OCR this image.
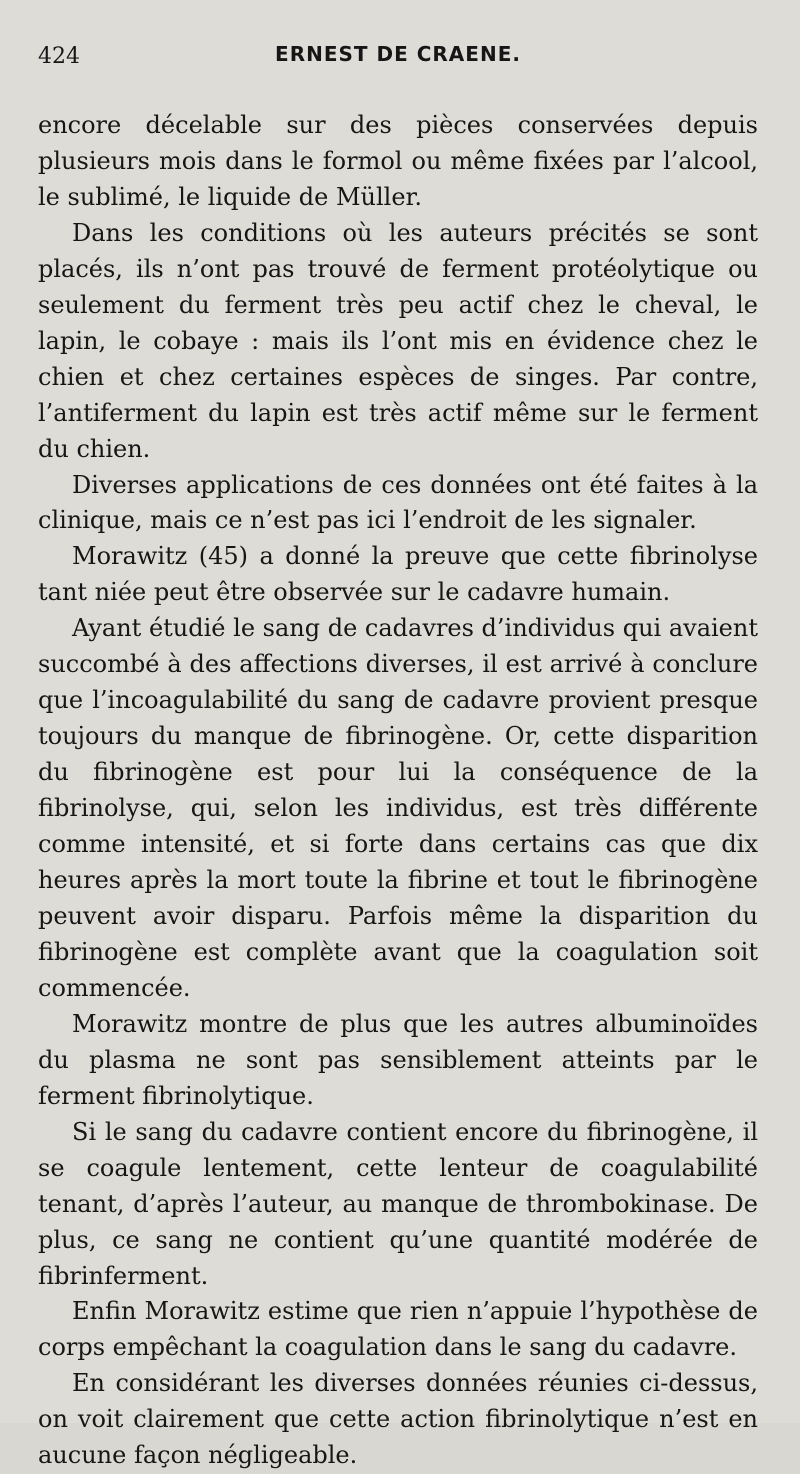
424	ERNEST DE CRAENE.

encore décelable sur des pièces conservées depuis plusieurs mois dans le formol ou même fixées par l’alcool, le sublimé, le liquide de Müller.

Dans les conditions où les auteurs précités se sont placés, ils n’ont pas trouvé de ferment protéolytique ou seulement du ferment très peu actif chez le cheval, le lapin, le cobaye : mais ils l’ont mis en évidence chez le chien et chez certaines espèces de singes. Par contre, l’antiferment du lapin est très actif même sur le ferment du chien.

Diverses applications de ces données ont été faites à la clinique, mais ce n’est pas ici l’endroit de les signaler.

Morawitz (45) a donné la preuve que cette fibrinolyse tant niée peut être observée sur le cadavre humain.

Ayant étudié le sang de cadavres d’individus qui avaient succombé à des affections diverses, il est arrivé à conclure que l’incoagulabilité du sang de cadavre provient presque toujours du manque de fibrinogène. Or, cette disparition du fibrinogène est pour lui la conséquence de la fibrinolyse, qui, selon les individus, est très différente comme intensité, et si forte dans certains cas que dix heures après la mort toute la fibrine et tout le fibrinogène peuvent avoir disparu. Parfois même la disparition du fibrinogène est complète avant que la coagulation soit commencée.

Morawitz montre de plus que les autres albuminoïdes du plasma ne sont pas sensiblement atteints par le ferment fibrinolytique.

Si le sang du cadavre contient encore du fibrinogène, il se coagule lentement, cette lenteur de coagulabilité tenant, d’après l’auteur, au manque de thrombokinase. De plus, ce sang ne contient qu’une quantité modérée de fibrinferment.

Enfin Morawitz estime que rien n’appuie l’hypothèse de corps empêchant la coagulation dans le sang du cadavre.

En considérant les diverses données réunies ci-dessus, on voit clairement que cette action fibrinolytique n’est en aucune façon négligeable.
